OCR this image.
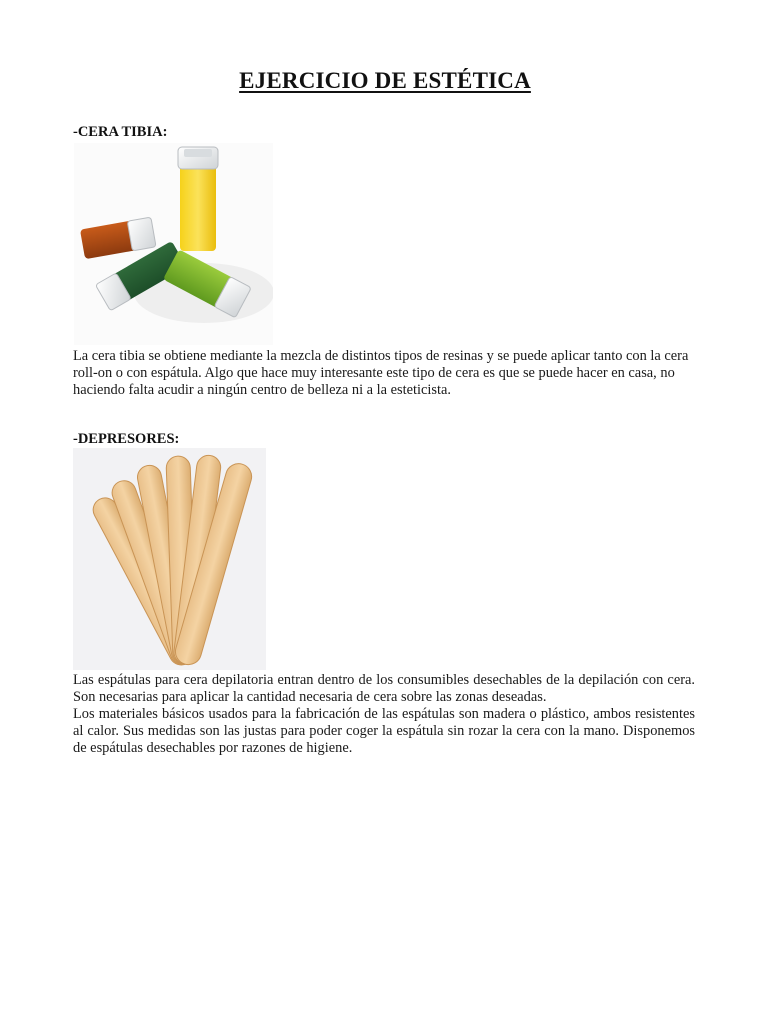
EJERCICIO DE ESTÉTICA
-CERA TIBIA:

La cera tibia se obtiene mediante la mezcla de distintos tipos de resinas y se puede aplicar tanto con la cera roll-on o con espátula. Algo que hace muy interesante este tipo de cera es que se puede hacer en casa, no haciendo falta acudir a ningún centro de belleza ni a la esteticista.

-DEPRESORES:

Las espátulas para cera depilatoria entran dentro de los consumibles desechables de la depilación con cera. Son necesarias para aplicar la cantidad necesaria de cera sobre las zonas deseadas.

Los materiales básicos usados para la fabricación de las espátulas son madera o plástico, ambos resistentes al calor. Sus medidas son las justas para poder coger la espátula sin rozar la cera con la mano. Disponemos de espátulas desechables por razones de higiene.
